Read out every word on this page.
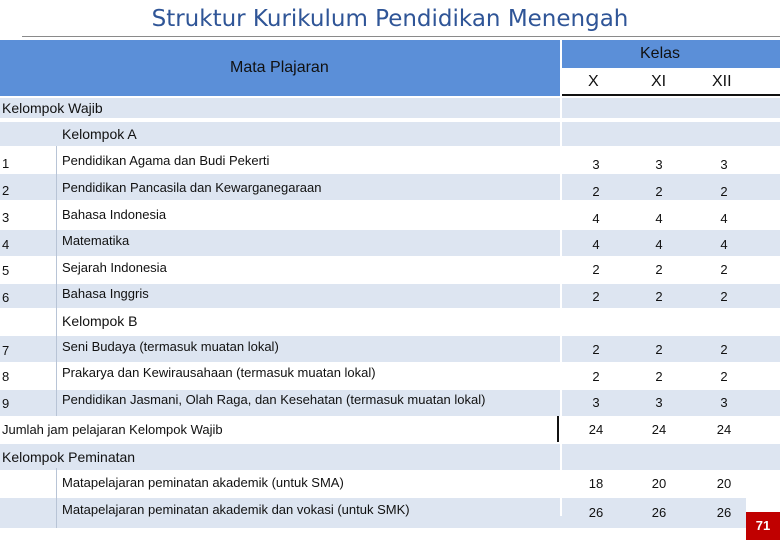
Struktur Kurikulum Pendidikan Menengah
Mata Plajaran
Kelas
X	XI	XII
Kelompok Wajib
Kelompok A
1	Pendidikan Agama dan Budi Pekerti	3	3	3
2	Pendidikan Pancasila dan Kewarganegaraan	2	2	2
3	Bahasa Indonesia	4	4	4
4	Matematika	4	4	4
5	Sejarah Indonesia	2	2	2
6	Bahasa Inggris	2	2	2
Kelompok B
7	Seni Budaya (termasuk muatan lokal)	2	2	2
8	Prakarya dan Kewirausahaan (termasuk muatan lokal)	2	2	2
9	Pendidikan Jasmani, Olah Raga, dan Kesehatan (termasuk muatan lokal)	3	3	3
Jumlah jam pelajaran Kelompok Wajib	24	24	24
Kelompok Peminatan
Matapelajaran peminatan akademik (untuk SMA)	18	20	20
Matapelajaran peminatan akademik dan vokasi (untuk SMK)	26	26	26
71
